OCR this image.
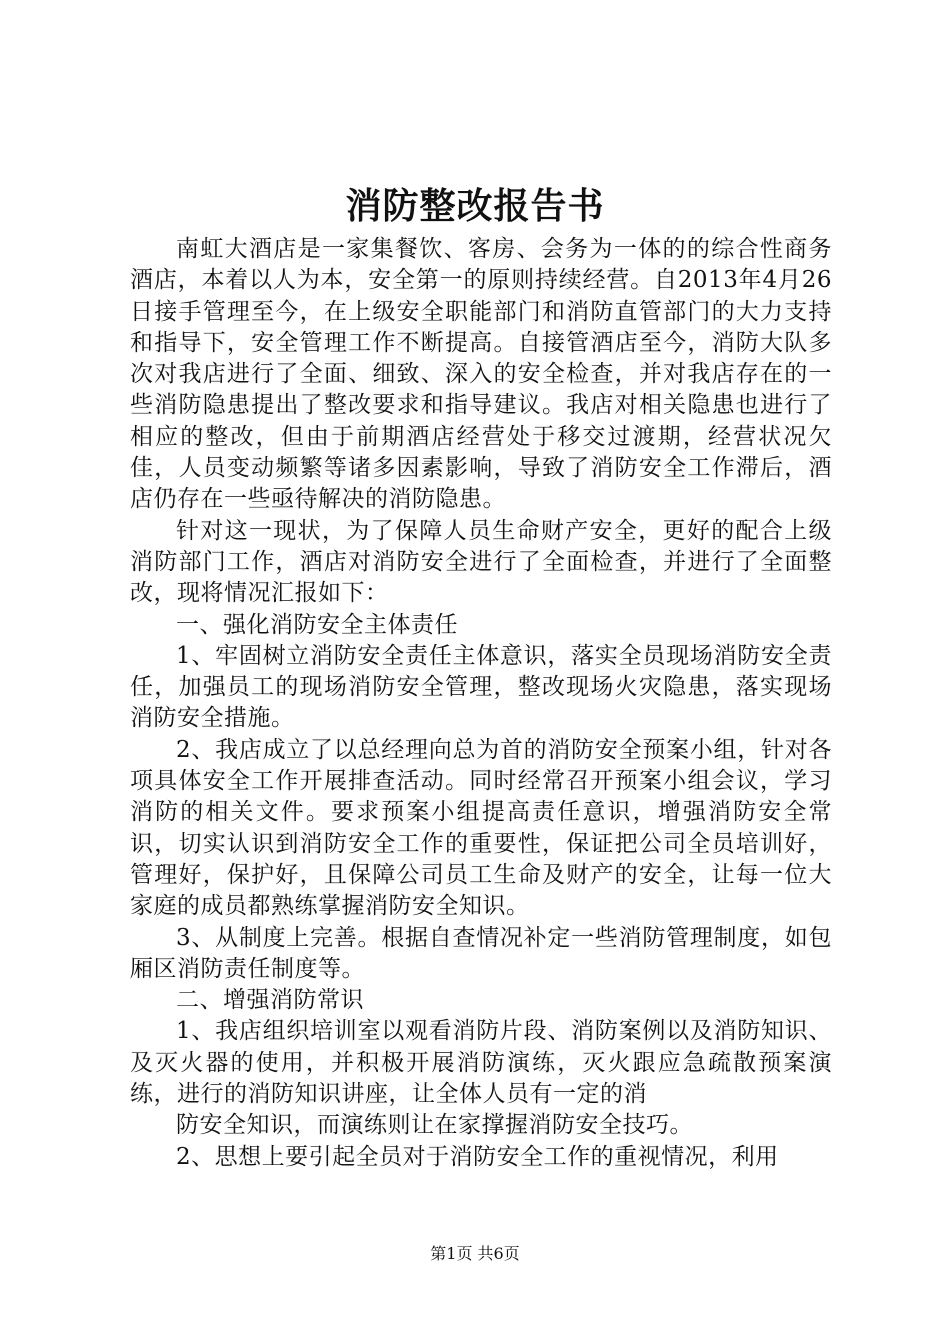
消防整改报告书

南虹大酒店是一家集餐饮、客房、会务为一体的的综合性商务酒店，本着以人为本，安全第一的原则持续经营。自2013年4月26日接手管理至今，在上级安全职能部门和消防直管部门的大力支持和指导下，安全管理工作不断提高。自接管酒店至今，消防大队多次对我店进行了全面、细致、深入的安全检查，并对我店存在的一些消防隐患提出了整改要求和指导建议。我店对相关隐患也进行了相应的整改，但由于前期酒店经营处于移交过渡期，经营状况欠佳，人员变动频繁等诸多因素影响，导致了消防安全工作滞后，酒店仍存在一些亟待解决的消防隐患。

针对这一现状，为了保障人员生命财产安全，更好的配合上级消防部门工作，酒店对消防安全进行了全面检查，并进行了全面整改，现将情况汇报如下：

一、强化消防安全主体责任

1、牢固树立消防安全责任主体意识，落实全员现场消防安全责任，加强员工的现场消防安全管理，整改现场火灾隐患，落实现场消防安全措施。

2、我店成立了以总经理向总为首的消防安全预案小组，针对各项具体安全工作开展排查活动。同时经常召开预案小组会议，学习消防的相关文件。要求预案小组提高责任意识，增强消防安全常识，切实认识到消防安全工作的重要性，保证把公司全员培训好，管理好，保护好，且保障公司员工生命及财产的安全，让每一位大家庭的成员都熟练掌握消防安全知识。

3、从制度上完善。根据自查情况补定一些消防管理制度，如包厢区消防责任制度等。

二、增强消防常识

1、我店组织培训室以观看消防片段、消防案例以及消防知识、及灭火器的使用，并积极开展消防演练，灭火跟应急疏散预案演练，进行的消防知识讲座，让全体人员有一定的消

防安全知识，而演练则让在家撑握消防安全技巧。

2、思想上要引起全员对于消防安全工作的重视情况，利用

第1页 共6页
